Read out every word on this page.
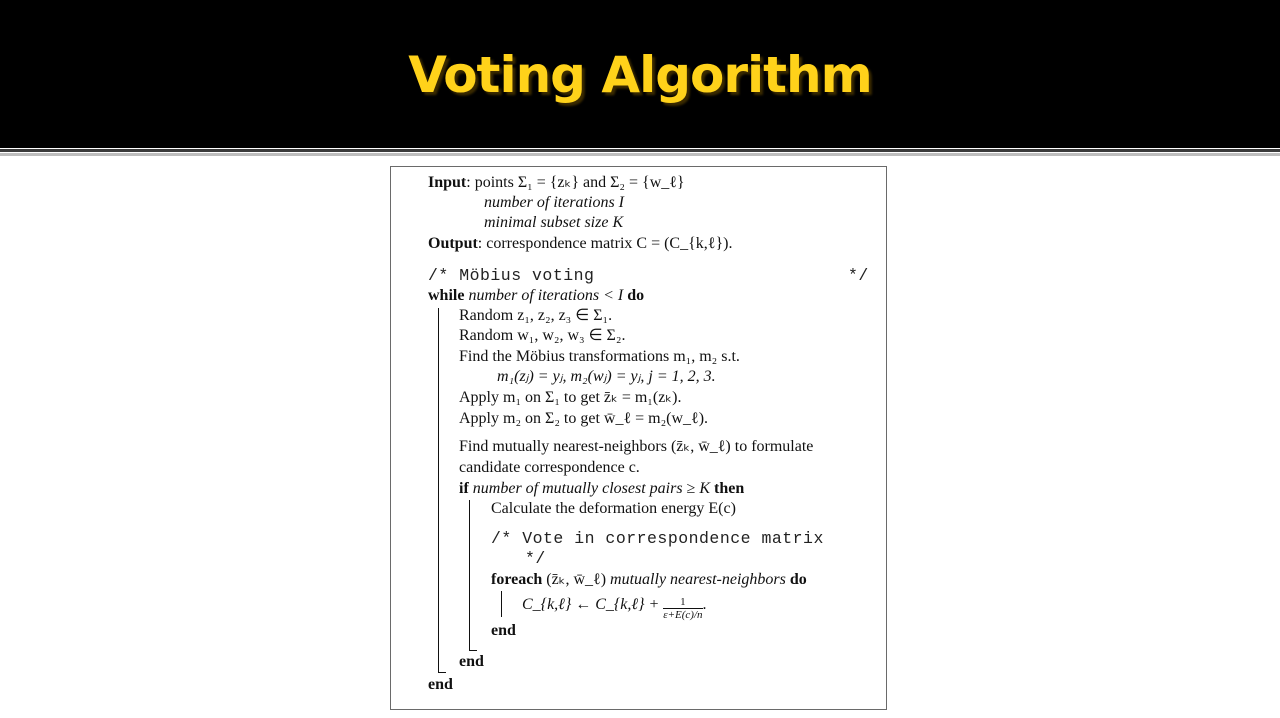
Voting Algorithm
Input: points Σ₁ = {zₖ} and Σ₂ = {w_ℓ}
number of iterations I
minimal subset size K
Output: correspondence matrix C = (C_{k,ℓ}).
/* Möbius voting	*/
while number of iterations < I do
Random z₁, z₂, z₃ ∈ Σ₁.
Random w₁, w₂, w₃ ∈ Σ₂.
Find the Möbius transformations m₁, m₂ s.t.
m₁(zⱼ) = yⱼ, m₂(wⱼ) = yⱼ, j = 1, 2, 3.
Apply m₁ on Σ₁ to get z̄ₖ = m₁(zₖ).
Apply m₂ on Σ₂ to get w̄_ℓ = m₂(w_ℓ).
Find mutually nearest-neighbors (z̄ₖ, w̄_ℓ) to formulate
candidate correspondence c.
if number of mutually closest pairs ≥ K then
Calculate the deformation energy E(c)
/* Vote in correspondence matrix
*/
foreach (z̄ₖ, w̄_ℓ) mutually nearest-neighbors do
C_{k,ℓ} ← C_{k,ℓ} + $\frac{1}{\varepsilon+E(c)/n}$ .
end
end
end
